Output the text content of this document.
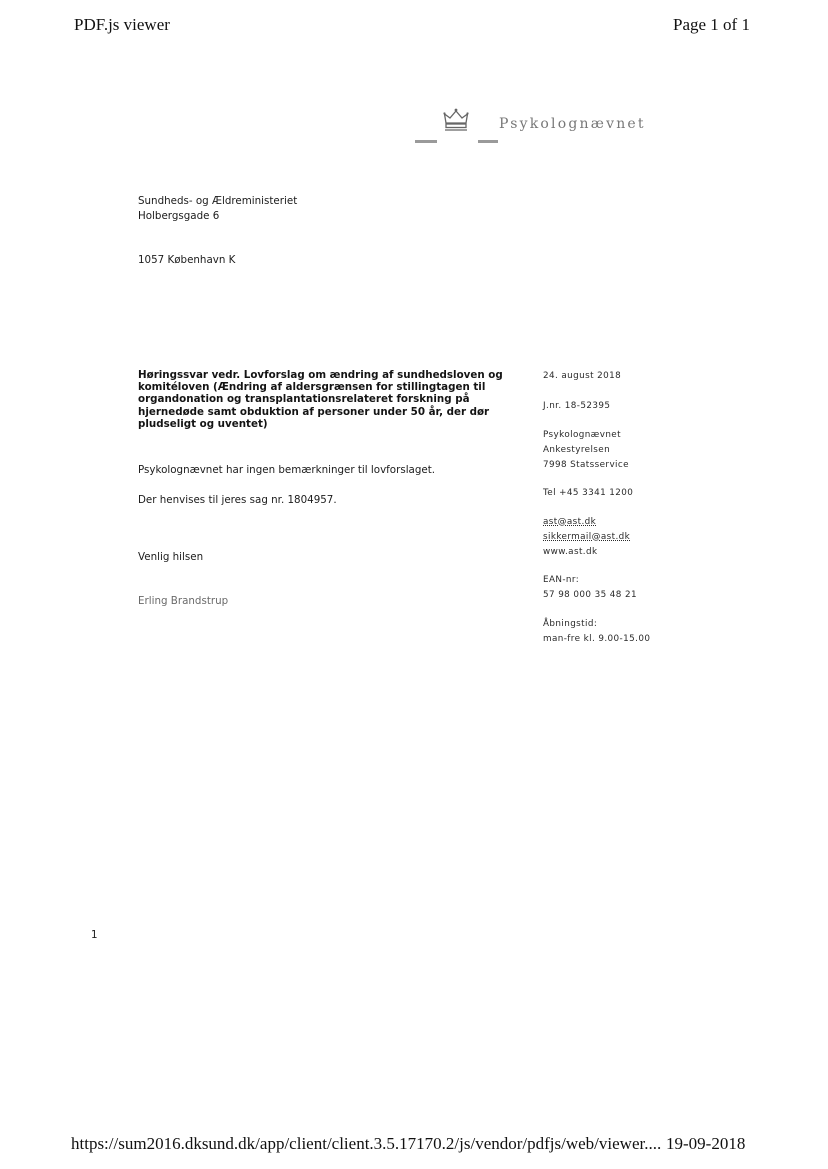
PDF.js viewer	Page 1 of 1
Psykolognævnet
Sundheds- og Ældreministeriet
Holbergsgade 6
1057 København K
Høringssvar vedr. Lovforslag om ændring af sundhedsloven og komitéloven (Ændring af aldersgrænsen for stillingtagen til organdonation og transplantationsrelateret forskning på hjernedøde samt obduktion af personer under 50 år, der dør pludseligt og uventet)
Psykolognævnet har ingen bemærkninger til lovforslaget.
Der henvises til jeres sag nr. 1804957.
Venlig hilsen
Erling Brandstrup
24. august 2018
J.nr. 18-52395
Psykolognævnet
Ankestyrelsen
7998 Statsservice
Tel +45 3341 1200
ast@ast.dk
sikkermail@ast.dk
www.ast.dk
EAN-nr:
57 98 000 35 48 21
Åbningstid:
man-fre kl. 9.00-15.00
1
https://sum2016.dksund.dk/app/client/client.3.5.17170.2/js/vendor/pdfjs/web/viewer.... 19-09-2018
